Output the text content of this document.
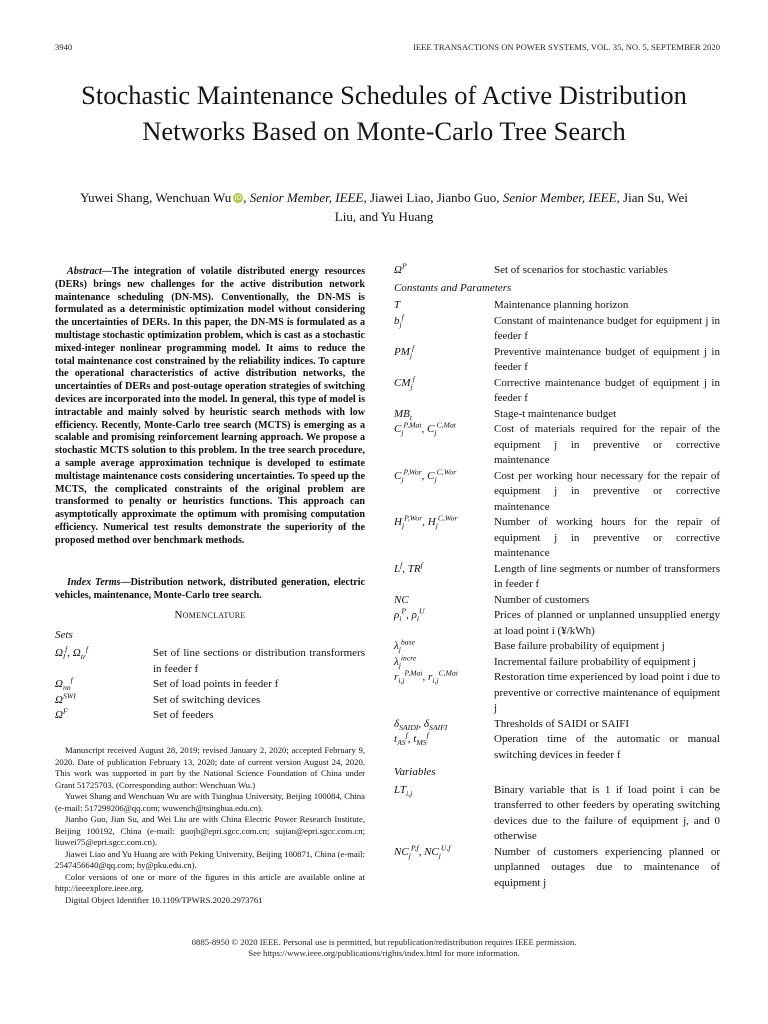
3940	IEEE TRANSACTIONS ON POWER SYSTEMS, VOL. 35, NO. 5, SEPTEMBER 2020
Stochastic Maintenance Schedules of Active Distribution Networks Based on Monte-Carlo Tree Search
Yuwei Shang, Wenchuan Wu iD, Senior Member, IEEE, Jiawei Liao, Jianbo Guo, Senior Member, IEEE, Jian Su, Wei Liu, and Yu Huang

Abstract—The integration of volatile distributed energy resources (DERs) brings new challenges for the active distribution network maintenance scheduling (DN-MS). Conventionally, the DN-MS is formulated as a deterministic optimization model without considering the uncertainties of DERs. In this paper, the DN-MS is formulated as a multistage stochastic optimization problem, which is cast as a stochastic mixed-integer nonlinear programming model. It aims to reduce the total maintenance cost constrained by the reliability indices. To capture the operational characteristics of active distribution networks, the uncertainties of DERs and post-outage operation strategies of switching devices are incorporated into the model. In general, this type of model is intractable and mainly solved by heuristic search methods with low efficiency. Recently, Monte-Carlo tree search (MCTS) is emerging as a scalable and promising reinforcement learning approach. We propose a stochastic MCTS solution to this problem. In the tree search procedure, a sample average approximation technique is developed to estimate multistage maintenance costs considering uncertainties. To speed up the MCTS, the complicated constraints of the original problem are transformed to penalty or heuristics functions. This approach can asymptotically approximate the optimum with promising computation efficiency. Numerical test results demonstrate the superiority of the proposed method over benchmark methods.

Index Terms—Distribution network, distributed generation, electric vehicles, maintenance, Monte-Carlo tree search.

Nomenclature
Sets
$\Omega_l^f$, $\Omega_{tr}^f$	Set of line sections or distribution transformers in feeder f
$\Omega_{nn}^f$	Set of load points in feeder f
$\Omega^{SWI}$	Set of switching devices
$\Omega^F$	Set of feeders

Manuscript received August 28, 2019; revised January 2, 2020; accepted February 9, 2020. Date of publication February 13, 2020; date of current version August 24, 2020. This work was supported in part by the National Science Foundation of China under Grant 51725703. (Corresponding author: Wenchuan Wu.)

Yuwei Shang and Wenchuan Wu are with Tsinghua University, Beijing 100084, China (e-mail: 517299206@qq.com; wuwench@tsinghua.edu.cn).

Jianbo Guo, Jian Su, and Wei Liu are with China Electric Power Research Institute, Beijing 100192, China (e-mail: guojb@epri.sgcc.com.cn; sujian@epri.sgcc.com.cn; liuwei75@epri.sgcc.com.cn).

Jiawei Liao and Yu Huang are with Peking University, Beijing 100871, China (e-mail: 2547456640@qq.com; hy@pku.edu.cn).

Color versions of one or more of the figures in this article are available online at http://ieeexplore.ieee.org.

Digital Object Identifier 10.1109/TPWRS.2020.2973761

$\Omega^P$	Set of scenarios for stochastic variables
Constants and Parameters	
T	Maintenance planning horizon
$b_j^f$	Constant of maintenance budget for equipment j in feeder f
$PM_j^f$	Preventive maintenance budget of equipment j in feeder f
$CM_j^f$	Corrective maintenance budget of equipment j in feeder f
$MB_t$	Stage-t maintenance budget
$C_j^{P,Mat}$, $C_j^{C,Mat}$	Cost of materials required for the repair of the equipment j in preventive or corrective maintenance
$C_j^{P,Wor}$, $C_j^{C,Wor}$	Cost per working hour necessary for the repair of equipment j in preventive or corrective maintenance
$H_j^{P,Wor}$, $H_j^{C,Wor}$	Number of working hours for the repair of equipment j in preventive or corrective maintenance
$L^f$, $TR^f$	Length of line segments or number of transformers in feeder f
NC	Number of customers
$\rho_i^P$, $\rho_i^U$	Prices of planned or unplanned unsupplied energy at load point i (¥/kWh)
$\lambda_j^{base}$	Base failure probability of equipment j
$\lambda_j^{incre}$	Incremental failure probability of equipment j
$r_{i,j}^{P,Mai}$, $r_{i,j}^{C,Mai}$	Restoration time experienced by load point i due to preventive or corrective maintenance of equipment j
$\delta_{SAIDI}$, $\delta_{SAIFI}$	Thresholds of SAIDI or SAIFI
$t_{AS}^f$, $t_{MS}^f$	Operation time of the automatic or manual switching devices in feeder f
Variables	
$LT_{i,j}$	Binary variable that is 1 if load point i can be transferred to other feeders by operating switching devices due to the failure of equipment j, and 0 otherwise
$NC_j^{P,f}$, $NC_j^{U,f}$	Number of customers experiencing planned or unplanned outages due to maintenance of equipment j
0885-8950 © 2020 IEEE. Personal use is permitted, but republication/redistribution requires IEEE permission.
See https://www.ieee.org/publications/rights/index.html for more information.
